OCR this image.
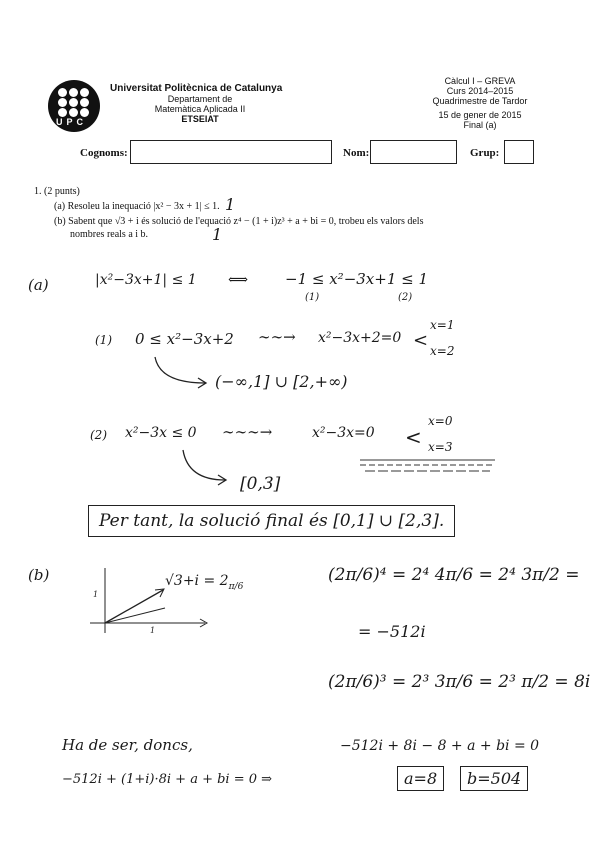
UPC
Universitat Politècnica de Catalunya
Departament de
Matemàtica Aplicada II
ETSEIAT
Càlcul I – GREVA
Curs 2014–2015
Quadrimestre de Tardor
15 de gener de 2015
Final (a)
Cognoms:	Nom:	Grup:
1. (2 punts)
(a) Resoleu la inequació |x² − 3x + 1| ≤ 1. 1
(b) Sabent que √3 + i és solució de l'equació z⁴ − (1 + i)z³ + a + bi = 0, trobeu els valors dels
nombres reals a i b.	1
(a)	|x²−3x+1| ≤ 1 ⟺ −1 ≤ x²−3x+1 ≤ 1
(1)	(2)
(1) 0 ≤ x²−3x+2 ∼∼→ x²−3x+2=0 <
x=1
x=2
(−∞,1] ∪ [2,+∞)
(2) x²−3x ≤ 0 ∼∼∼→	x²−3x=0 <
x=0
x=3
[0,3]
Per tant, la solució final és [0,1] ∪ [2,3].
(b)
1
1
$√3+i = 2_{\pi/6}$
(2π/6)⁴ = 2⁴ 4π/6 = 2⁴ 3π/2 =
= −512i
(2π/6)³ = 2³ 3π/6 = 2³ π/2 = 8i
Ha de ser, doncs,	−512i + 8i − 8 + a + bi = 0
−512i + (1+i)·8i + a + bi = 0 ⇒	a=8	b=504
